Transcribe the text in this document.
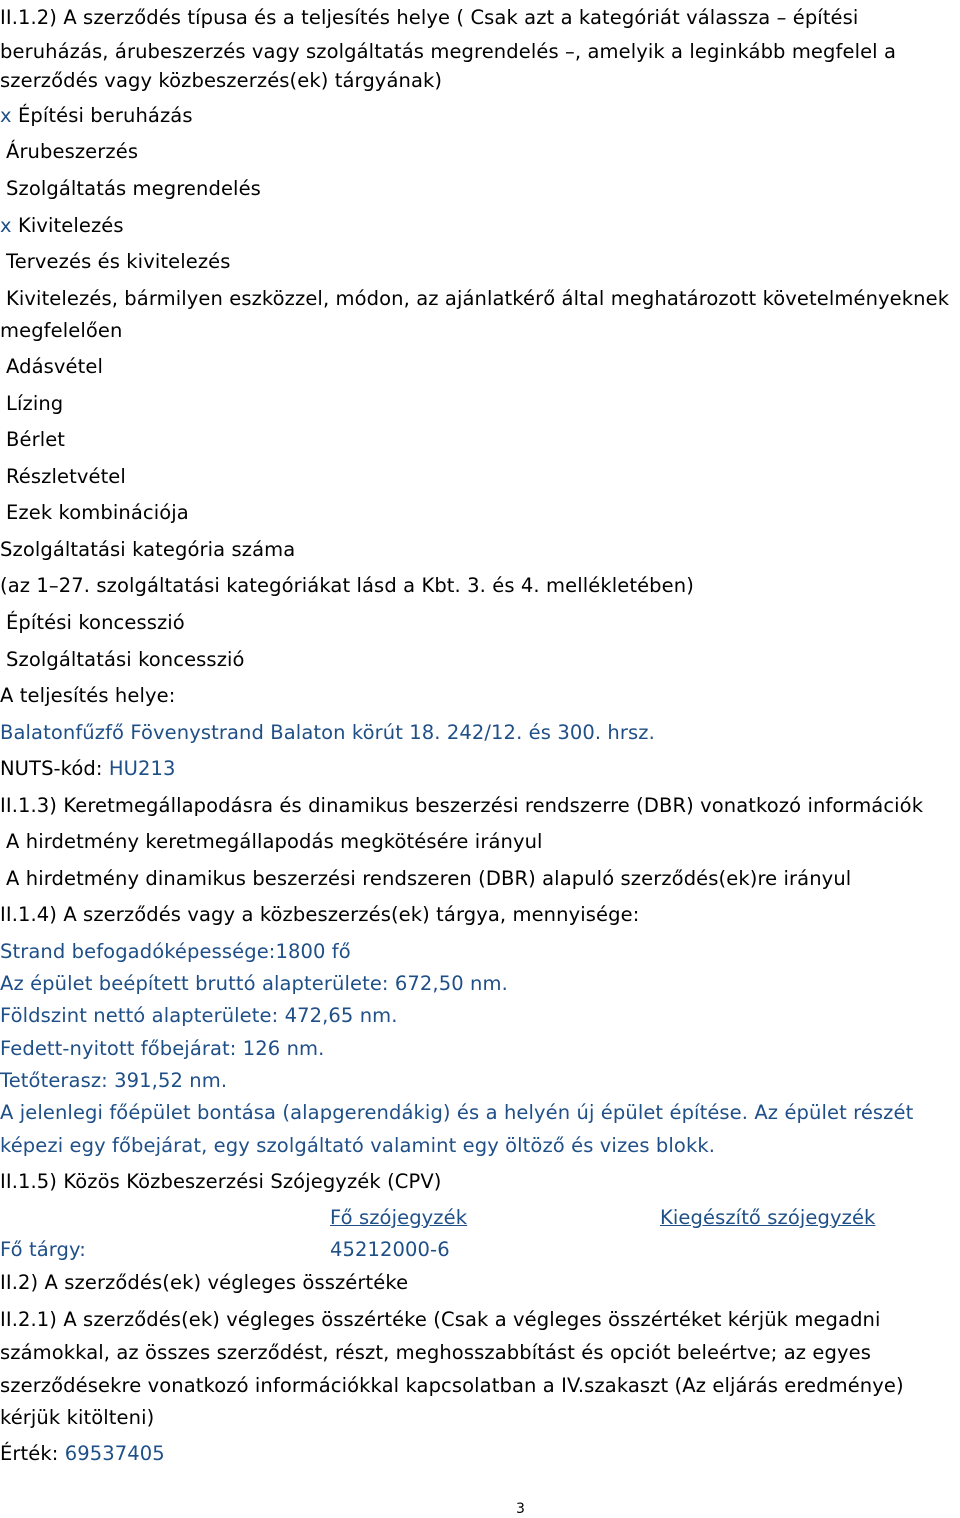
II.1.2) A szerződés típusa és a teljesítés helye ( Csak azt a kategóriát válassza – építési
beruházás, árubeszerzés vagy szolgáltatás megrendelés –, amelyik a leginkább megfelel a
szerződés vagy közbeszerzés(ek) tárgyának)
x Építési beruházás
Árubeszerzés
Szolgáltatás megrendelés
x Kivitelezés
Tervezés és kivitelezés
Kivitelezés, bármilyen eszközzel, módon, az ajánlatkérő által meghatározott követelményeknek
megfelelően
Adásvétel
Lízing
Bérlet
Részletvétel
Ezek kombinációja
Szolgáltatási kategória száma
(az 1–27. szolgáltatási kategóriákat lásd a Kbt. 3. és 4. mellékletében)
Építési koncesszió
Szolgáltatási koncesszió
A teljesítés helye:
Balatonfűzfő Fövenystrand Balaton körút 18. 242/12. és 300. hrsz.
NUTS-kód: HU213
II.1.3) Keretmegállapodásra és dinamikus beszerzési rendszerre (DBR) vonatkozó információk
A hirdetmény keretmegállapodás megkötésére irányul
A hirdetmény dinamikus beszerzési rendszeren (DBR) alapuló szerződés(ek)re irányul
II.1.4) A szerződés vagy a közbeszerzés(ek) tárgya, mennyisége:
Strand befogadóképessége:1800 fő
Az épület beépített bruttó alapterülete: 672,50 nm.
Földszint nettó alapterülete: 472,65 nm.
Fedett-nyitott főbejárat: 126 nm.
Tetőterasz: 391,52 nm.
A jelenlegi főépület bontása (alapgerendákig) és a helyén új épület építése. Az épület részét
képezi egy főbejárat, egy szolgáltató valamint egy öltöző és vizes blokk.
II.1.5) Közös Közbeszerzési Szójegyzék (CPV)
Fő szójegyzék	Kiegészítő szójegyzék
Fő tárgy:	45212000-6
II.2) A szerződés(ek) végleges összértéke
II.2.1) A szerződés(ek) végleges összértéke (Csak a végleges összértéket kérjük megadni
számokkal, az összes szerződést, részt, meghosszabbítást és opciót beleértve; az egyes
szerződésekre vonatkozó információkkal kapcsolatban a IV.szakaszt (Az eljárás eredménye)
kérjük kitölteni)
Érték: 69537405
3
